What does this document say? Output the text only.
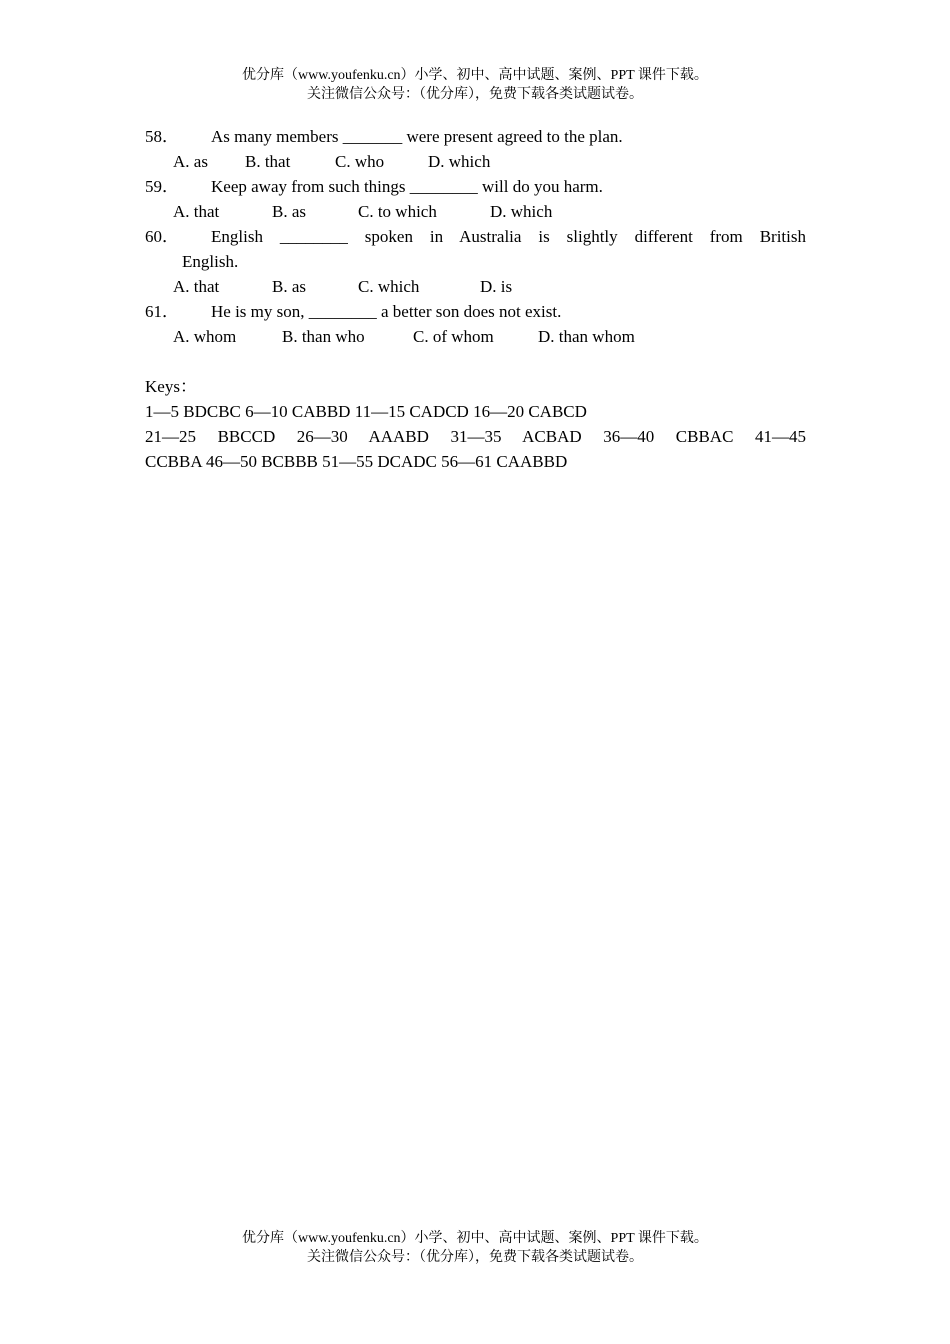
优分库（www.youfenku.cn）小学、初中、高中试题、案例、PPT 课件下载。
关注微信公众号：（优分库），免费下载各类试题试卷。
58． As many members _______ were present agreed to the plan.
A. as B. that	C. who	D. which
59． Keep away from such things ________ will do you harm.
A. that	B. as	C. to which	D. which
60． English ________ spoken in Australia is slightly different from British
English.
A. that	B. as	C. which	D. is
61． He is my son, ________ a better son does not exist.
A. whom	B. than who	C. of whom	D. than whom
Keys：
1—5 BDCBC 6—10 CABBD 11—15 CADCD 16—20 CABCD
21—25 BBCCD 26—30 AAABD 31—35 ACBAD 36—40 CBBAC 41—45
CCBBA 46—50 BCBBB 51—55 DCADC 56—61 CAABBD
优分库（www.youfenku.cn）小学、初中、高中试题、案例、PPT 课件下载。
关注微信公众号：（优分库），免费下载各类试题试卷。
